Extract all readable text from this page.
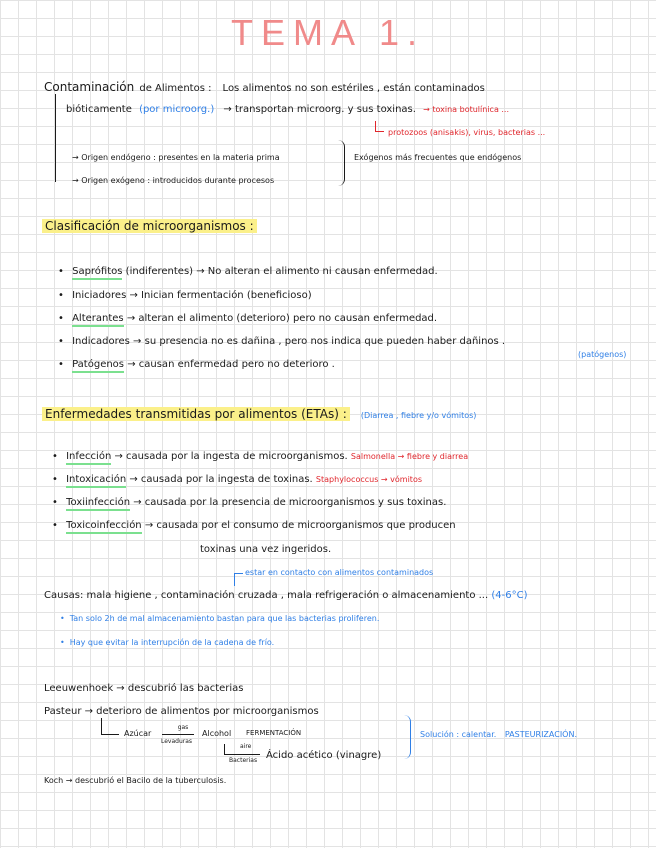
TEMA 1.
Contaminación de Alimentos : Los alimentos no son estériles , están contaminados
bióticamente (por microorg.) → transportan microorg. y sus toxinas. → toxina botulínica ...
protozoos (anisakis), virus, bacterias ...
→ Origen endógeno : presentes en la materia prima
→ Origen exógeno : introducidos durante procesos
Exógenos más frecuentes que endógenos
Clasificación de microorganismos :
• Saprófitos (indiferentes) → No alteran el alimento ni causan enfermedad.
• Iniciadores → Inician fermentación (beneficioso)
• Alterantes → alteran el alimento (deterioro) pero no causan enfermedad.
• Indicadores → su presencia no es dañina , pero nos indica que pueden haber dañinos .
(patógenos)
• Patógenos → causan enfermedad pero no deterioro .
Enfermedades transmitidas por alimentos (ETAs) : (Diarrea , fiebre y/o vómitos)
• Infección → causada por la ingesta de microorganismos. Salmonella → fiebre y diarrea
• Intoxicación → causada por la ingesta de toxinas. Staphylococcus → vómitos
• Toxiinfección → causada por la presencia de microorganismos y sus toxinas.
• Toxicoinfección → causada por el consumo de microorganismos que producen
toxinas una vez ingeridos.
estar en contacto con alimentos contaminados
Causas: mala higiene , contaminación cruzada , mala refrigeración o almacenamiento ... (4-6°C)
• Tan solo 2h de mal almacenamiento bastan para que las bacterias proliferen.
• Hay que evitar la interrupción de la cadena de frío.
Leeuwenhoek → descubrió las bacterias
Pasteur → deterioro de alimentos por microorganismos
Azúcar
gas
Levaduras
Alcohol FERMENTACIÓN
aire
Bacterias Ácido acético (vinagre)
Solución : calentar. PASTEURIZACIÓN.
Koch → descubrió el Bacilo de la tuberculosis.
